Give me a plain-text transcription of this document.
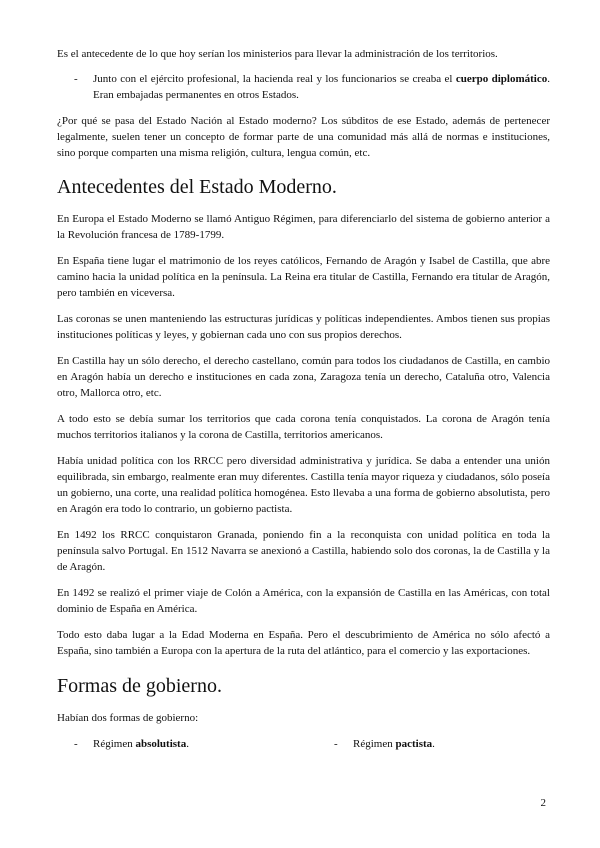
Es el antecedente de lo que hoy serían los ministerios para llevar la administración de los territorios.

-	Junto con el ejército profesional, la hacienda real y los funcionarios se creaba el cuerpo diplomático. Eran embajadas permanentes en otros Estados.

¿Por qué se pasa del Estado Nación al Estado moderno? Los súbditos de ese Estado, además de pertenecer legalmente, suelen tener un concepto de formar parte de una comunidad más allá de normas e instituciones, sino porque comparten una misma religión, cultura, lengua común, etc.

Antecedentes del Estado Moderno.

En Europa el Estado Moderno se llamó Antiguo Régimen, para diferenciarlo del sistema de gobierno anterior a la Revolución francesa de 1789-1799.

En España tiene lugar el matrimonio de los reyes católicos, Fernando de Aragón y Isabel de Castilla, que abre camino hacia la unidad política en la península. La Reina era titular de Castilla, Fernando era titular de Aragón, pero también en viceversa.

Las coronas se unen manteniendo las estructuras jurídicas y políticas independientes. Ambos tienen sus propias instituciones políticas y leyes, y gobiernan cada uno con sus propios derechos.

En Castilla hay un sólo derecho, el derecho castellano, común para todos los ciudadanos de Castilla, en cambio en Aragón había un derecho e instituciones en cada zona, Zaragoza tenía un derecho, Cataluña otro, Valencia otro, Mallorca otro, etc.

A todo esto se debía sumar los territorios que cada corona tenía conquistados. La corona de Aragón tenía muchos territorios italianos y la corona de Castilla, territorios americanos.

Había unidad política con los RRCC pero diversidad administrativa y jurídica. Se daba a entender una unión equilibrada, sin embargo, realmente eran muy diferentes. Castilla tenía mayor riqueza y ciudadanos, sólo poseía un gobierno, una corte, una realidad política homogénea. Esto llevaba a una forma de gobierno absolutista, pero en Aragón era todo lo contrario, un gobierno pactista.

En 1492 los RRCC conquistaron Granada, poniendo fin a la reconquista con unidad política en toda la península salvo Portugal. En 1512 Navarra se anexionó a Castilla, habiendo solo dos coronas, la de Castilla y la de Aragón.

En 1492 se realizó el primer viaje de Colón a América, con la expansión de Castilla en las Américas, con total dominio de España en América.

Todo esto daba lugar a la Edad Moderna en España. Pero el descubrimiento de América no sólo afectó a España, sino también a Europa con la apertura de la ruta del atlántico, para el comercio y las exportaciones.

Formas de gobierno.

Habían dos formas de gobierno:

-	Régimen absolutista.	-	Régimen pactista.

2
